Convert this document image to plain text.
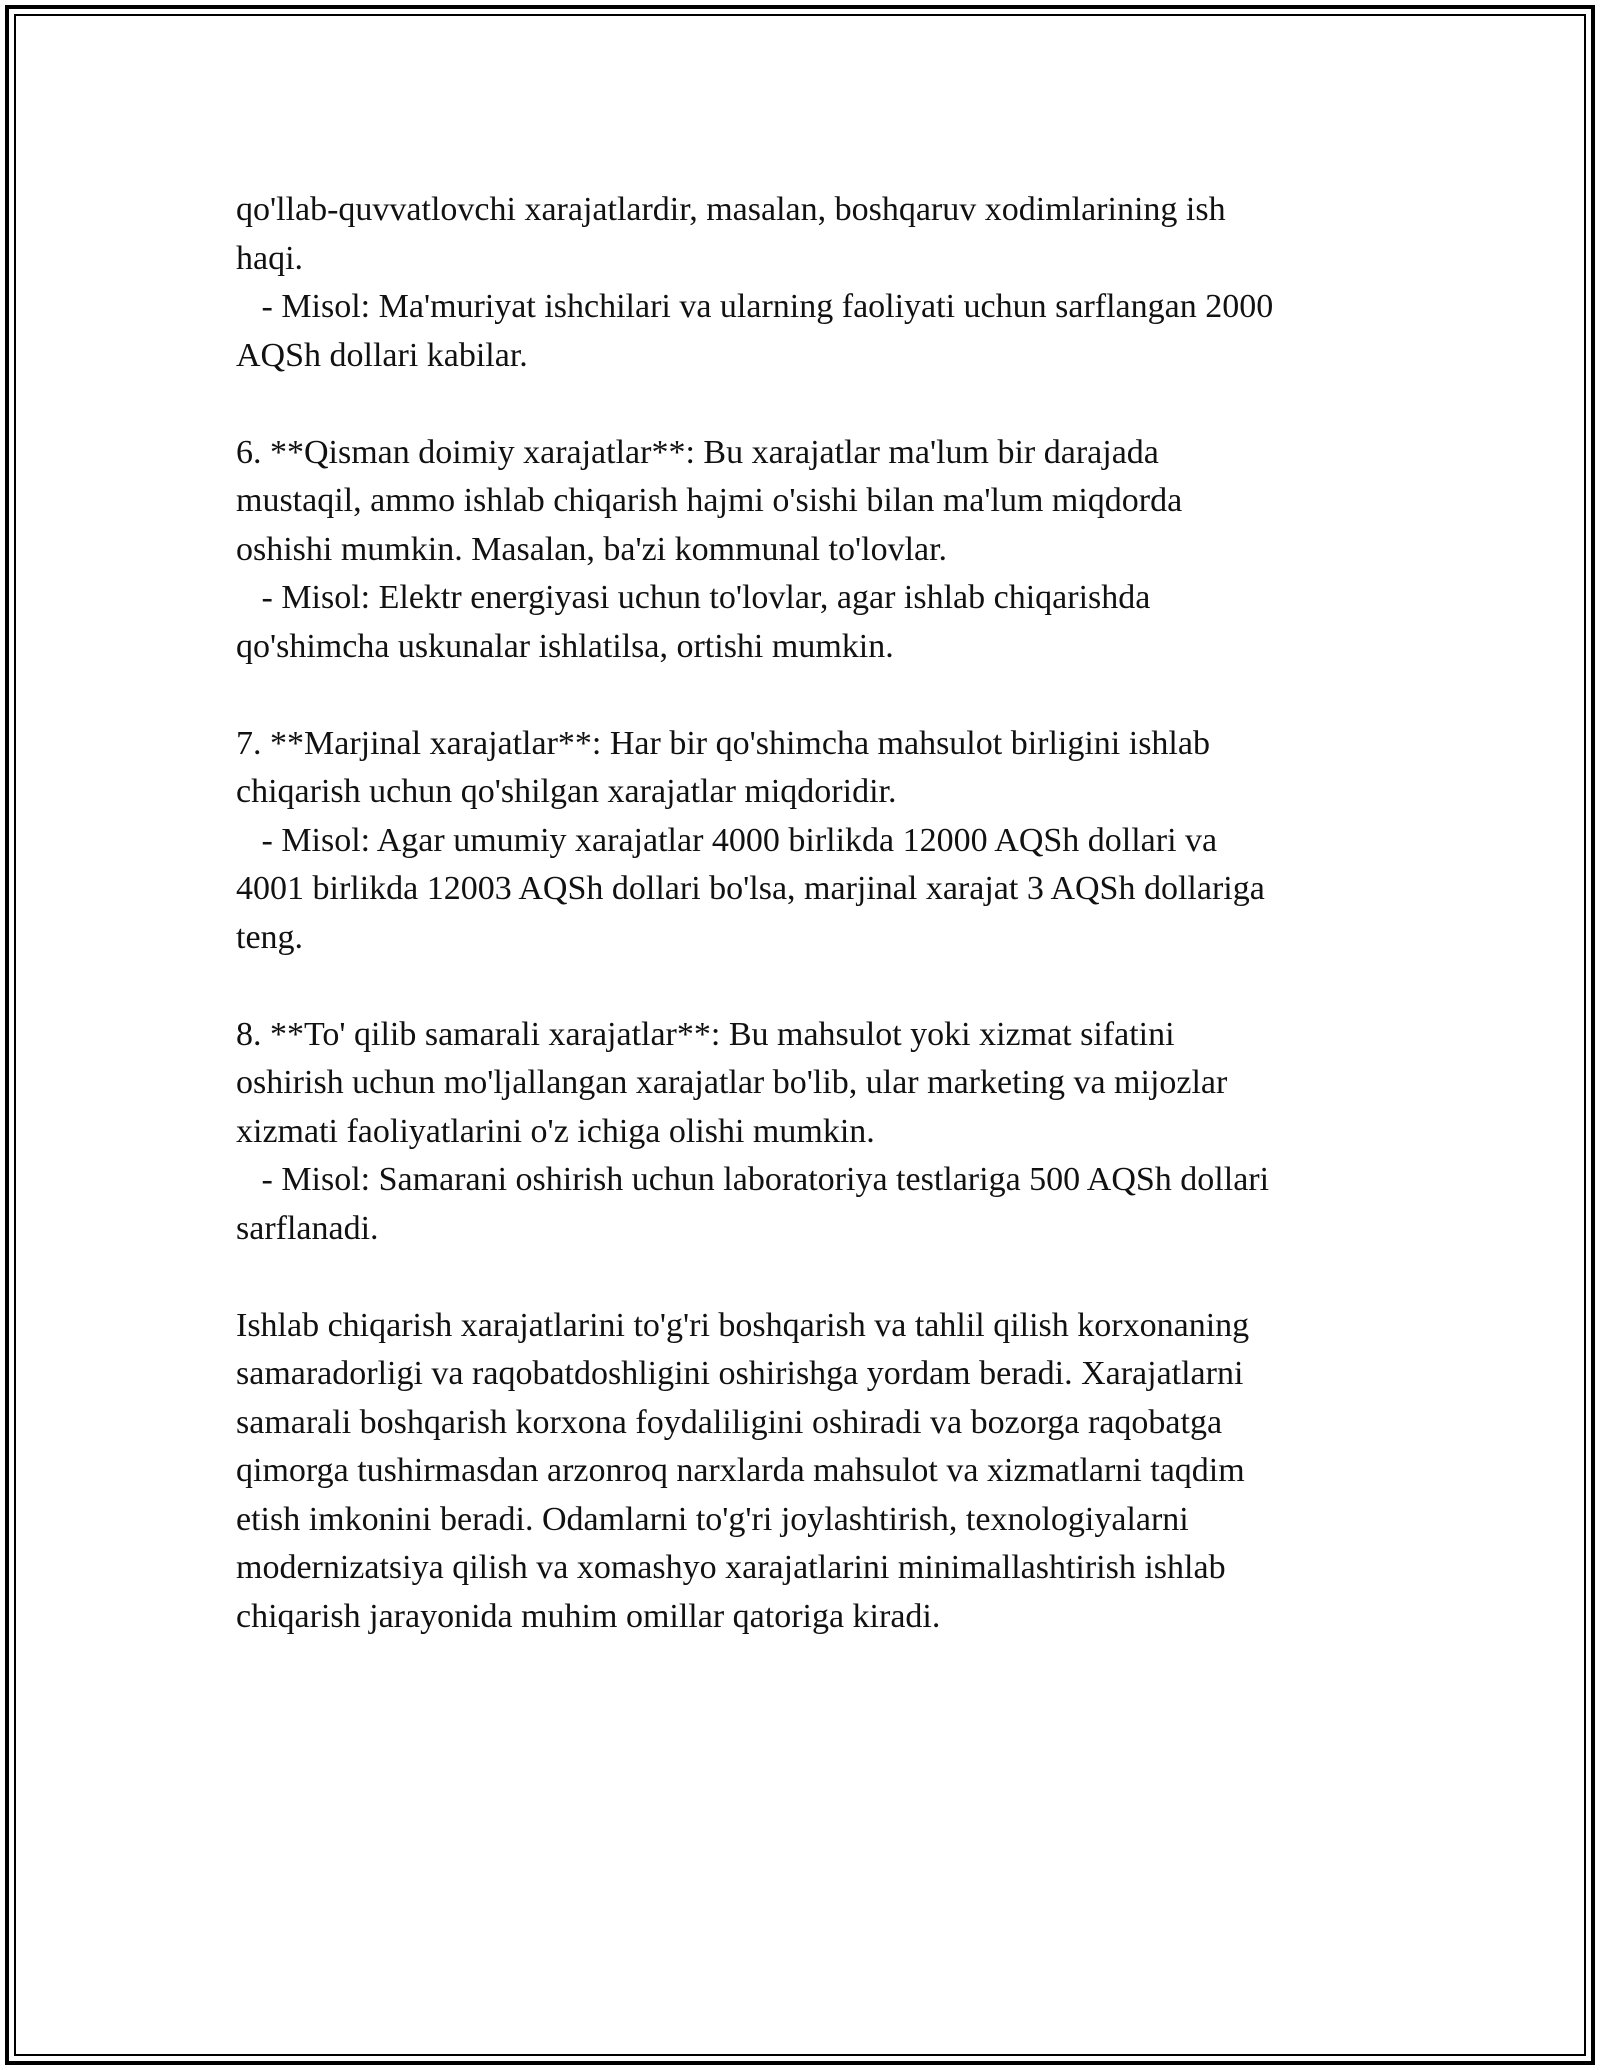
qo'llab-quvvatlovchi xarajatlardir, masalan, boshqaruv xodimlarining ish
haqi.
- Misol: Ma'muriyat ishchilari va ularning faoliyati uchun sarflangan 2000
AQSh dollari kabilar.
6. **Qisman doimiy xarajatlar**: Bu xarajatlar ma'lum bir darajada
mustaqil, ammo ishlab chiqarish hajmi o'sishi bilan ma'lum miqdorda
oshishi mumkin. Masalan, ba'zi kommunal to'lovlar.
- Misol: Elektr energiyasi uchun to'lovlar, agar ishlab chiqarishda
qo'shimcha uskunalar ishlatilsa, ortishi mumkin.
7. **Marjinal xarajatlar**: Har bir qo'shimcha mahsulot birligini ishlab
chiqarish uchun qo'shilgan xarajatlar miqdoridir.
- Misol: Agar umumiy xarajatlar 4000 birlikda 12000 AQSh dollari va
4001 birlikda 12003 AQSh dollari bo'lsa, marjinal xarajat 3 AQSh dollariga
teng.
8. **To' qilib samarali xarajatlar**: Bu mahsulot yoki xizmat sifatini
oshirish uchun mo'ljallangan xarajatlar bo'lib, ular marketing va mijozlar
xizmati faoliyatlarini o'z ichiga olishi mumkin.
- Misol: Samarani oshirish uchun laboratoriya testlariga 500 AQSh dollari
sarflanadi.
Ishlab chiqarish xarajatlarini to'g'ri boshqarish va tahlil qilish korxonaning
samaradorligi va raqobatdoshligini oshirishga yordam beradi. Xarajatlarni
samarali boshqarish korxona foydaliligini oshiradi va bozorga raqobatga
qimorga tushirmasdan arzonroq narxlarda mahsulot va xizmatlarni taqdim
etish imkonini beradi. Odamlarni to'g'ri joylashtirish, texnologiyalarni
modernizatsiya qilish va xomashyo xarajatlarini minimallashtirish ishlab
chiqarish jarayonida muhim omillar qatoriga kiradi.
